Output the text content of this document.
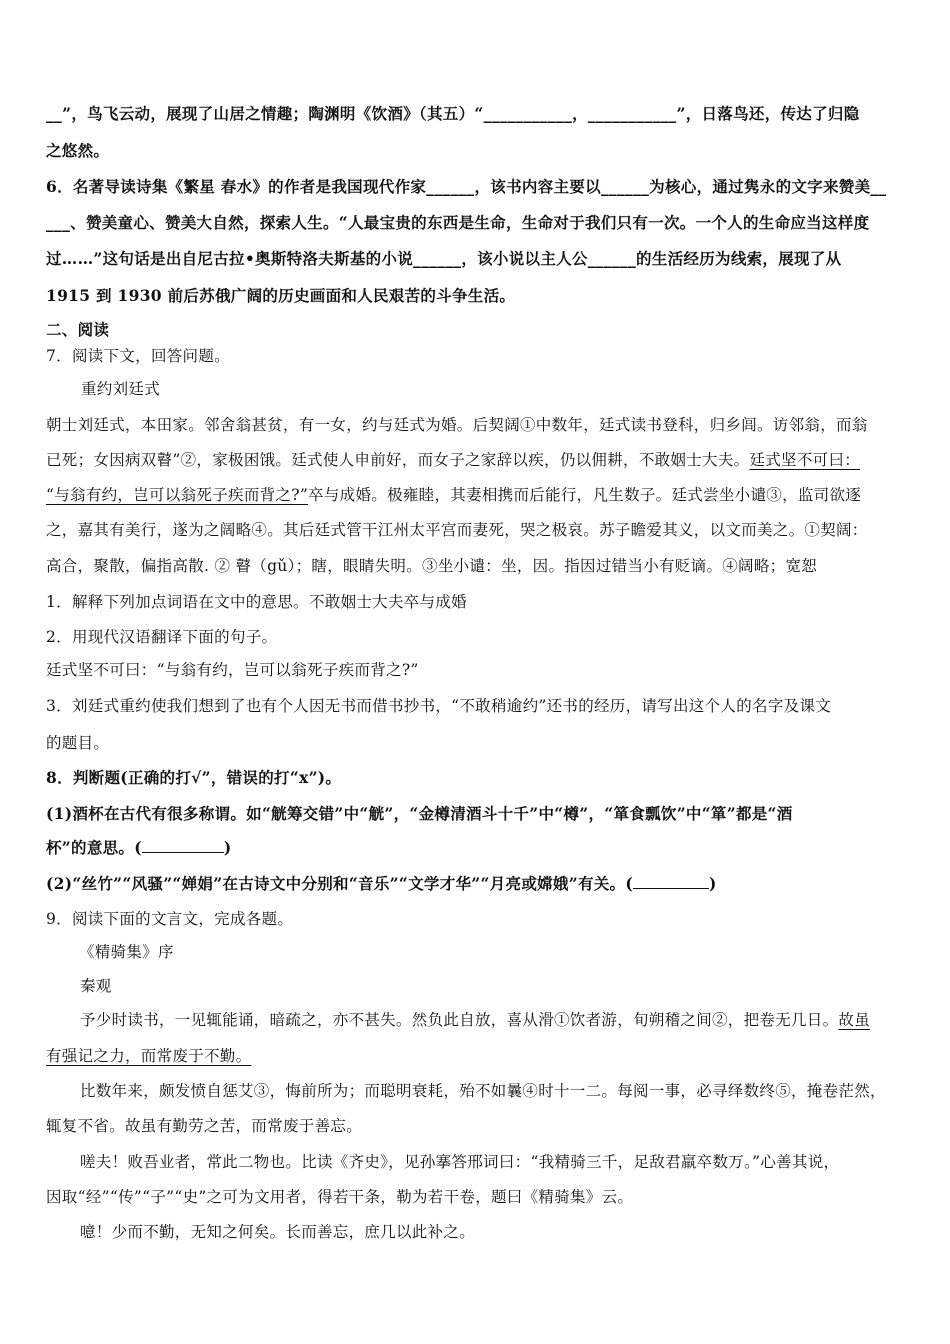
__”，鸟飞云动，展现了山居之情趣；陶渊明《饮酒》（其五）“___________，___________”，日落鸟还，传达了归隐
之悠然。
6．名著导读诗集《繁星 春水》的作者是我国现代作家______，该书内容主要以______为核心，通过隽永的文字来赞美__
___、赞美童心、赞美大自然，探索人生。“人最宝贵的东西是生命，生命对于我们只有一次。一个人的生命应当这样度
过……”这句话是出自尼古拉•奥斯特洛夫斯基的小说______，该小说以主人公______的生活经历为线索，展现了从
1915 到 1930 前后苏俄广阔的历史画面和人民艰苦的斗争生活。
二、阅读
7．阅读下文，回答问题。
重约刘廷式
朝士刘廷式，本田家。邻舍翁甚贫，有一女，约与廷式为婚。后契阔①中数年，廷式读书登科，归乡闾。访邻翁，而翁
已死；女因病双瞽”②，家极困饿。廷式使人申前好，而女子之家辞以疾，仍以佣耕，不敢姻士大夫。廷式坚不可曰：
“与翁有约，岂可以翁死子疾而背之?”卒与成婚。极雍睦，其妻相携而后能行，凡生数子。廷式尝坐小谴③，监司欲逐
之，嘉其有美行，遂为之阔略④。其后廷式管干江州太平宫而妻死，哭之极哀。苏子瞻爱其义，以文而美之。①契阔：
高合，聚散，偏指高散. ② 瞽（gǔ）；瞎，眼睛失明。③坐小谴：坐，因。指因过错当小有贬谪。④阔略；宽恕
1．解释下列加点词语在文中的意思。不敢姻士大夫卒与成婚
2．用现代汉语翻译下面的句子。
廷式坚不可曰：“与翁有约，岂可以翁死子疾而背之?”
3．刘廷式重约使我们想到了也有个人因无书而借书抄书，“不敢稍逾约”还书的经历，请写出这个人的名字及课文
的题目。
8．判断题(正确的打√”，错误的打“x”)。
(1)酒杯在古代有很多称谓。如“觥筹交错”中“觥”，“金樽清酒斗十千”中“樽”，“箪食瓢饮”中“箪”都是“酒
杯”的意思。(	)
(2)“丝竹”“风骚”“婵娟”在古诗文中分别和“音乐”“文学才华”“月亮或嫦娥”有关。(	)
9．阅读下面的文言文，完成各题。
《精骑集》序
秦观
予少时读书，一见辄能诵，暗疏之，亦不甚失。然负此自放，喜从滑①饮者游，旬朔稽之间②，把卷无几日。故虽
有强记之力，而常废于不勤。
比数年来，颇发愤自惩艾③，悔前所为；而聪明衰耗，殆不如曩④时十一二。每阅一事，必寻绎数终⑤，掩卷茫然，
辄复不省。故虽有勤劳之苦，而常废于善忘。
嗟夫！败吾业者，常此二物也。比读《齐史》，见孙搴答邢词曰：“我精骑三千，足敌君羸卒数万。”心善其说，
因取“经”“传”“子”“史”之可为文用者，得若干条，勒为若干卷，题曰《精骑集》云。
噫！少而不勤，无知之何矣。长而善忘，庶几以此补之。
